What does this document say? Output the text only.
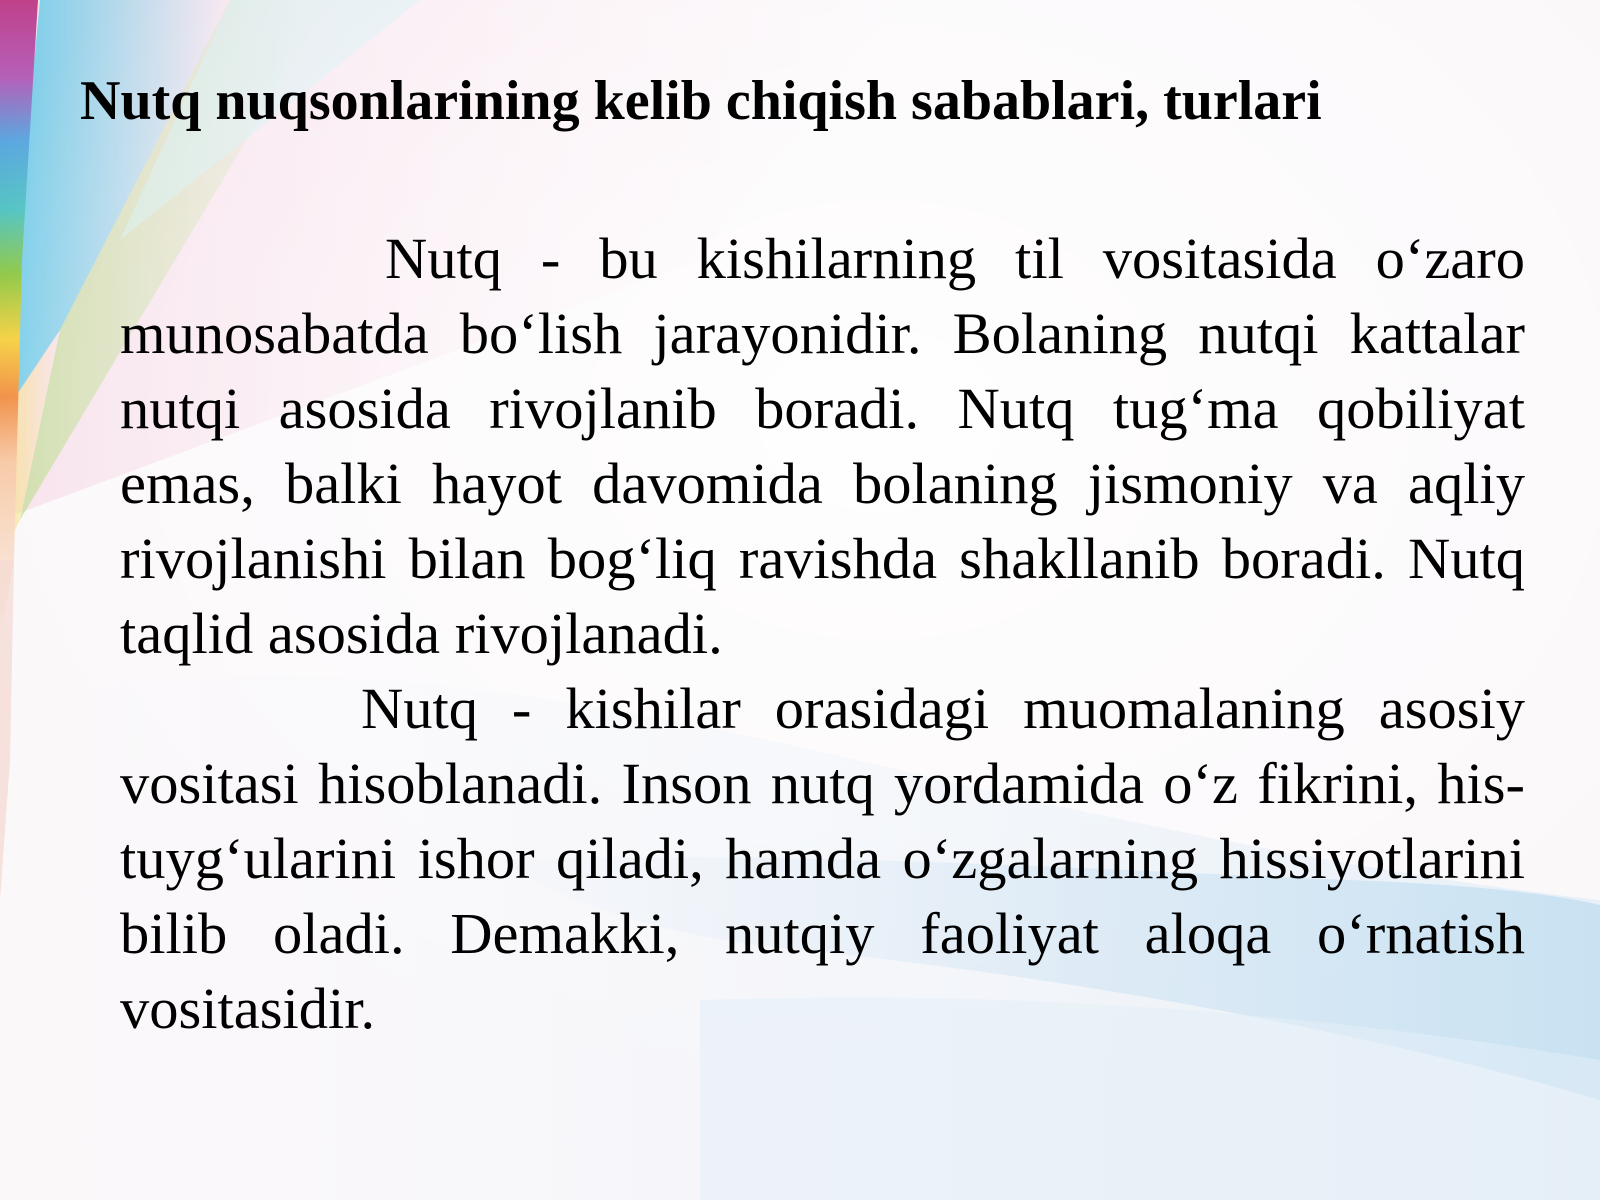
Nutq nuqsonlarining kelib chiqish sabablari, turlari

Nutq - bu kishilarning til vositasida o‘zaro munosabatda bo‘lish jarayonidir. Bolaning nutqi kattalar nutqi asosida rivojlanib boradi. Nutq tug‘ma qobiliyat emas, balki hayot davomida bolaning jismoniy va aqliy rivojlanishi bilan bog‘liq ravishda shakllanib boradi. Nutq taqlid asosida rivojlanadi.

Nutq - kishilar orasidagi muomalaning asosiy vositasi hisoblanadi. Inson nutq yordamida o‘z fikrini, his-tuyg‘ularini ishor qiladi, hamda o‘zgalarning hissiyotlarini bilib oladi. Demakki, nutqiy faoliyat aloqa o‘rnatish vositasidir.
